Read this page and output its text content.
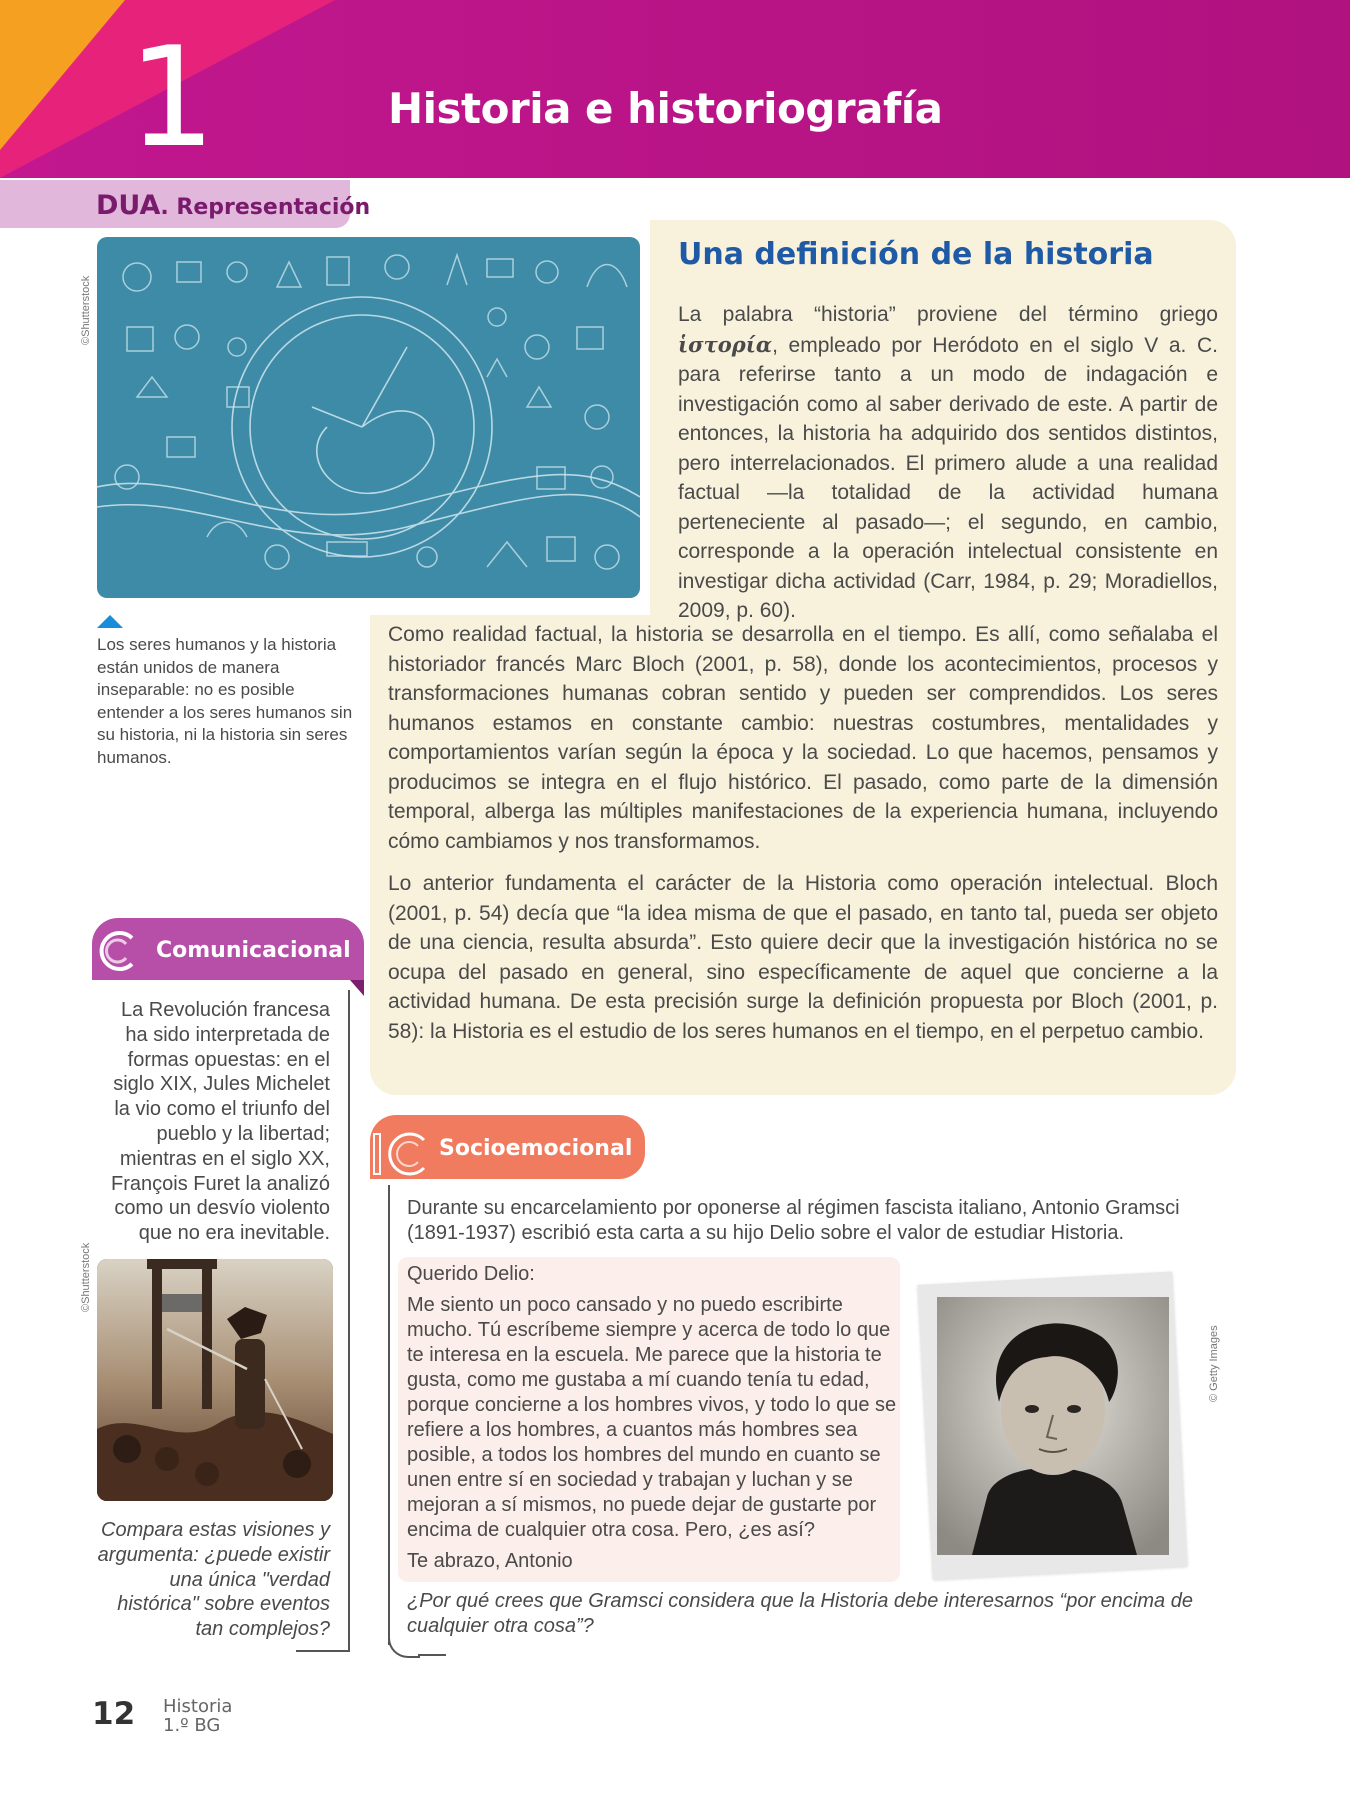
1	Historia e historiografía
DUA. Representación
Una definición de la historia
La palabra “historia” proviene del término griego ἱστορία, empleado por Heródoto en el siglo V a. C. para referirse tanto a un modo de indagación e investigación como al saber derivado de este. A partir de entonces, la historia ha adquirido dos sentidos distintos, pero interrelacionados. El primero alude a una realidad factual —la totalidad de la actividad humana perteneciente al pasado—; el segundo, en cambio, corresponde a la operación intelectual consistente en investigar dicha actividad (Carr, 1984, p. 29; Moradiellos, 2009, p. 60).
Como realidad factual, la historia se desarrolla en el tiempo. Es allí, como señalaba el historiador francés Marc Bloch (2001, p. 58), donde los acontecimientos, procesos y transformaciones humanas cobran sentido y pueden ser comprendidos. Los seres humanos estamos en constante cambio: nuestras costumbres, mentalidades y comportamientos varían según la época y la sociedad. Lo que hacemos, pensamos y producimos se integra en el flujo histórico. El pasado, como parte de la dimensión temporal, alberga las múltiples manifestaciones de la experiencia humana, incluyendo cómo cambiamos y nos transformamos.
Lo anterior fundamenta el carácter de la Historia como operación intelectual. Bloch (2001, p. 54) decía que “la idea misma de que el pasado, en tanto tal, pueda ser objeto de una ciencia, resulta absurda”. Esto quiere decir que la investigación histórica no se ocupa del pasado en general, sino específicamente de aquel que concierne a la actividad humana. De esta precisión surge la definición propuesta por Bloch (2001, p. 58): la Historia es el estudio de los seres humanos en el tiempo, en el perpetuo cambio.
©Shutterstock
Los seres humanos y la historia están unidos de manera inseparable: no es posible entender a los seres humanos sin su historia, ni la historia sin seres humanos.
Comunicacional
La Revolución francesa ha sido interpretada de formas opuestas: en el siglo XIX, Jules Michelet la vio como el triunfo del pueblo y la libertad; mientras en el siglo XX, François Furet la analizó como un desvío violento que no era inevitable.
©Shutterstock
Compara estas visiones y argumenta: ¿puede existir una única "verdad histórica" sobre eventos tan complejos?
Socioemocional
Durante su encarcelamiento por oponerse al régimen fascista italiano, Antonio Gramsci (1891-1937) escribió esta carta a su hijo Delio sobre el valor de estudiar Historia.

Querido Delio:

Me siento un poco cansado y no puedo escribirte mucho. Tú escríbeme siempre y acerca de todo lo que te interesa en la escuela. Me parece que la historia te gusta, como me gustaba a mí cuando tenía tu edad, porque concierne a los hombres vivos, y todo lo que se refiere a los hombres, a cuantos más hombres sea posible, a todos los hombres del mundo en cuanto se unen entre sí en sociedad y trabajan y luchan y se mejoran a sí mismos, no puede dejar de gustarte por encima de cualquier otra cosa. Pero, ¿es así?

Te abrazo, Antonio

© Getty Images
¿Por qué crees que Gramsci considera que la Historia debe interesarnos “por encima de cualquier otra cosa”?
12 Historia
1.º BG
